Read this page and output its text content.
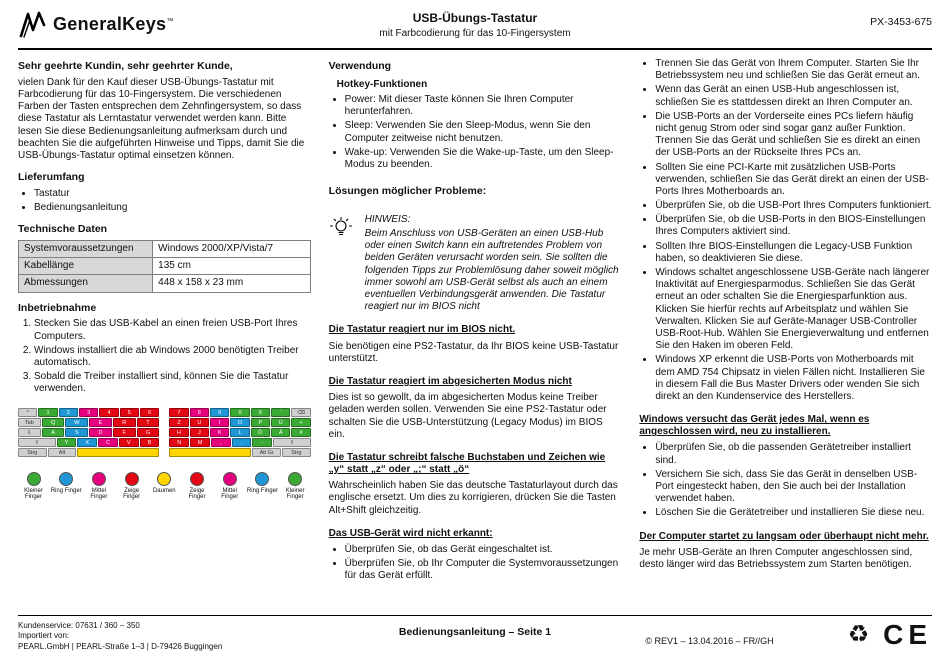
GeneralKeys™	USB-Übungs-Tastatur
mit Farbcodierung für das 10-Fingersystem
PX-3453-675
Sehr geehrte Kundin, sehr geehrter Kunde,

vielen Dank für den Kauf dieser USB-Übungs-Tastatur mit Farbcodierung für das 10-Fingersystem. Die verschiedenen Farben der Tasten entsprechen dem Zehnfingersystem, so dass diese Tastatur als Lerntastatur verwendet werden kann. Bitte lesen Sie diese Bedienungsanleitung aufmerksam durch und beachten Sie die aufgeführten Hinweise und Tipps, damit Sie die USB-Übungs-Tastatur optimal einsetzen können.

Lieferumfang
• Tastatur
• Bedienungsanleitung
Technische Daten
Systemvoraussetzungen	Windows 2000/XP/Vista/7
Kabellänge	135 cm
Abmessungen	448 x 158 x 23 mm
Inbetriebnahme
1. Stecken Sie das USB-Kabel an einen freien USB-Port Ihres Computers.
2. Windows installiert die ab Windows 2000 benötigten Treiber automatisch.
3. Sobald die Treiber installiert sind, können Sie die Tastatur verwenden.
^	1	2	3	4	5	6
Tab	Q	W	E	R	T
⇩	A	S	D	F	G
⇧	Y	X	C	V	B
Strg	Alt
7	8	9	0	ß	´	⌫
Z	U	I	O	P	Ü	+
H	J	K	L	Ö	Ä	#
N	M	,	.	-	⇧
Alt Gr	Strg
Kleiner Finger
Ring Finger	Mittel Finger
Zeige Finger
Daumen	Zeige Finger
Mittel Finger
Ring Finger	Kleiner Finger
Verwendung
Hotkey-Funktionen
• Power: Mit dieser Taste können Sie Ihren Computer herunterfahren.
• Sleep: Verwenden Sie den Sleep-Modus, wenn Sie den Computer zeitweise nicht benutzen.
• Wake-up: Verwenden Sie die Wake-up-Taste, um den Sleep-Modus zu beenden.
Lösungen möglicher Probleme:
HINWEIS:

Beim Anschluss von USB-Geräten an einen USB-Hub oder einen Switch kann ein auftretendes Problem von beiden Geräten verursacht worden sein. Sie sollten die folgenden Tipps zur Problemlösung daher soweit möglich immer sowohl am USB-Gerät selbst als auch an einem eventuellen Verbindungsgerät anwenden. Die Tastatur reagiert nur im BIOS nicht

Die Tastatur reagiert nur im BIOS nicht.

Sie benötigen eine PS2-Tastatur, da Ihr BIOS keine USB-Tastatur unterstützt.

Die Tastatur reagiert im abgesicherten Modus nicht

Dies ist so gewollt, da im abgesicherten Modus keine Treiber geladen werden sollen. Verwenden Sie eine PS2-Tastatur oder schalten Sie die USB-Unterstützung (Legacy Modus) im BIOS ein.

Die Tastatur schreibt falsche Buchstaben und Zeichen wie „y“ statt „z“ oder „;“ statt „ö“

Wahrscheinlich haben Sie das deutsche Tastaturlayout durch das englische ersetzt. Um dies zu korrigieren, drücken Sie die Tasten Alt+Shift gleichzeitig.

Das USB-Gerät wird nicht erkannt:
• Überprüfen Sie, ob das Gerät eingeschaltet ist.
• Überprüfen Sie, ob Ihr Computer die Systemvoraussetzungen für das Gerät erfüllt.
• Trennen Sie das Gerät von Ihrem Computer. Starten Sie Ihr Betriebssystem neu und schließen Sie das Gerät erneut an.
• Wenn das Gerät an einen USB-Hub angeschlossen ist, schließen Sie es stattdessen direkt an Ihren Computer an.
• Die USB-Ports an der Vorderseite eines PCs liefern häufig nicht genug Strom oder sind sogar ganz außer Funktion. Trennen Sie das Gerät und schließen Sie es direkt an einen der USB-Ports an der Rückseite Ihres PCs an.
• Sollten Sie eine PCI-Karte mit zusätzlichen USB-Ports verwenden, schließen Sie das Gerät direkt an einen der USB-Ports Ihres Motherboards an.
• Überprüfen Sie, ob die USB-Port Ihres Computers funktioniert.
• Überprüfen Sie, ob die USB-Ports in den BIOS-Einstellungen Ihres Computers aktiviert sind.
• Sollten Ihre BIOS-Einstellungen die Legacy-USB Funktion haben, so deaktivieren Sie diese.
• Windows schaltet angeschlossene USB-Geräte nach längerer Inaktivität auf Energiesparmodus. Schließen Sie das Gerät erneut an oder schalten Sie die Energiesparfunktion aus. Klicken Sie hierfür rechts auf Arbeitsplatz und wählen Sie Verwalten. Klicken Sie auf Geräte-Manager USB-Controller USB-Root-Hub. Wählen Sie Energieverwaltung und entfernen Sie den Haken im oberen Feld.
• Windows XP erkennt die USB-Ports von Motherboards mit dem AMD 754 Chipsatz in vielen Fällen nicht. Installieren Sie in diesem Fall die Bus Master Drivers oder wenden Sie sich direkt an den Kundenservice des Herstellers.
Windows versucht das Gerät jedes Mal, wenn es angeschlossen wird, neu zu installieren.
• Überprüfen Sie, ob die passenden Gerätetreiber installiert sind.
• Versichern Sie sich, dass Sie das Gerät in denselben USB-Port eingesteckt haben, den Sie auch bei der Installation verwendet haben.
• Löschen Sie die Gerätetreiber und installieren Sie diese neu.
Der Computer startet zu langsam oder überhaupt nicht mehr.

Je mehr USB-Geräte an Ihren Computer angeschlossen sind, desto länger wird das Betriebssystem zum Starten benötigen.

Kundenservice: 07631 / 360 – 350
Importiert von:
PEARL.GmbH | PEARL-Straße 1–3 | D-79426 Buggingen
Bedienungsanleitung – Seite 1
© REV1 – 13.04.2016 – FR//GH	♻ CE
